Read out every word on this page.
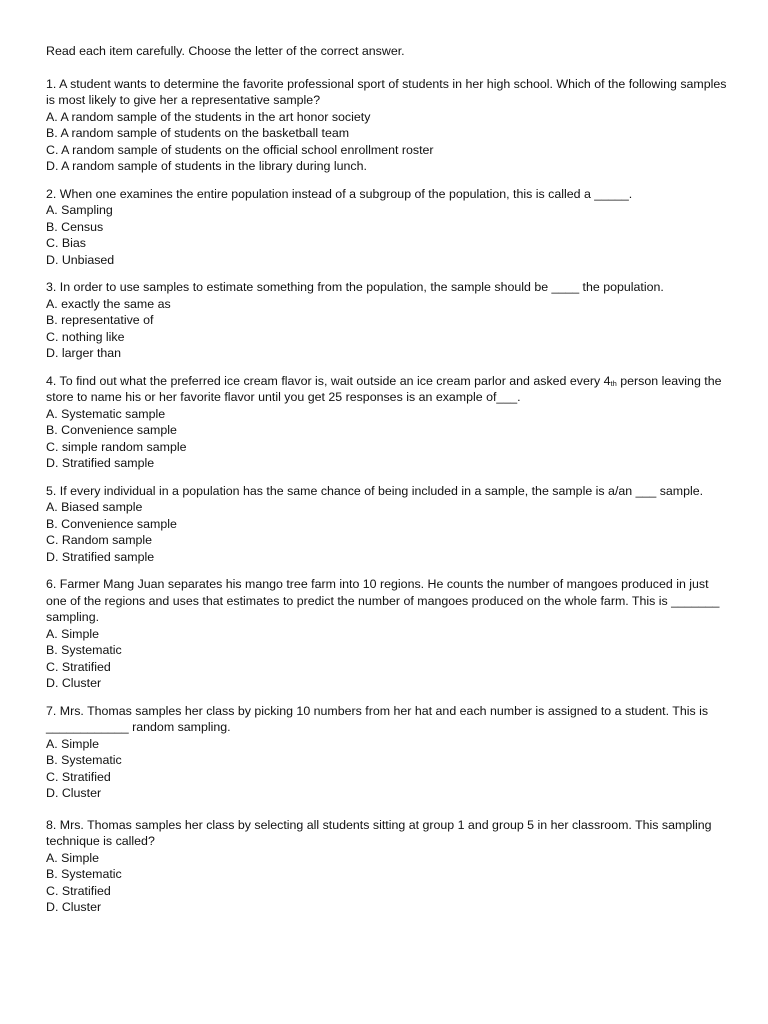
Read each item carefully. Choose the letter of the correct answer.

1. A student wants to determine the favorite professional sport of students in her high school. Which of the following samples is most likely to give her a representative sample?

A. A random sample of the students in the art honor society

B. A random sample of students on the basketball team

C. A random sample of students on the official school enrollment roster

D. A random sample of students in the library during lunch.

2. When one examines the entire population instead of a subgroup of the population, this is called a _____.

A. Sampling

B. Census

C. Bias

D. Unbiased

3. In order to use samples to estimate something from the population, the sample should be ____ the population.

A. exactly the same as

B. representative of

C. nothing like

D. larger than

4. To find out what the preferred ice cream flavor is, wait outside an ice cream parlor and asked every $4_{th}$ person leaving the store to name his or her favorite flavor until you get 25 responses is an example of___.

A. Systematic sample

B. Convenience sample

C. simple random sample

D. Stratified sample

5. If every individual in a population has the same chance of being included in a sample, the sample is a/an ___ sample.

A. Biased sample

B. Convenience sample

C. Random sample

D. Stratified sample

6. Farmer Mang Juan separates his mango tree farm into 10 regions. He counts the number of mangoes produced in just one of the regions and uses that estimates to predict the number of mangoes produced on the whole farm. This is _______ sampling.

A. Simple

B. Systematic

C. Stratified

D. Cluster

7. Mrs. Thomas samples her class by picking 10 numbers from her hat and each number is assigned to a student. This is ____________ random sampling.

A. Simple

B. Systematic

C. Stratified

D. Cluster

8. Mrs. Thomas samples her class by selecting all students sitting at group 1 and group 5 in her classroom. This sampling technique is called?

A. Simple

B. Systematic

C. Stratified

D. Cluster
